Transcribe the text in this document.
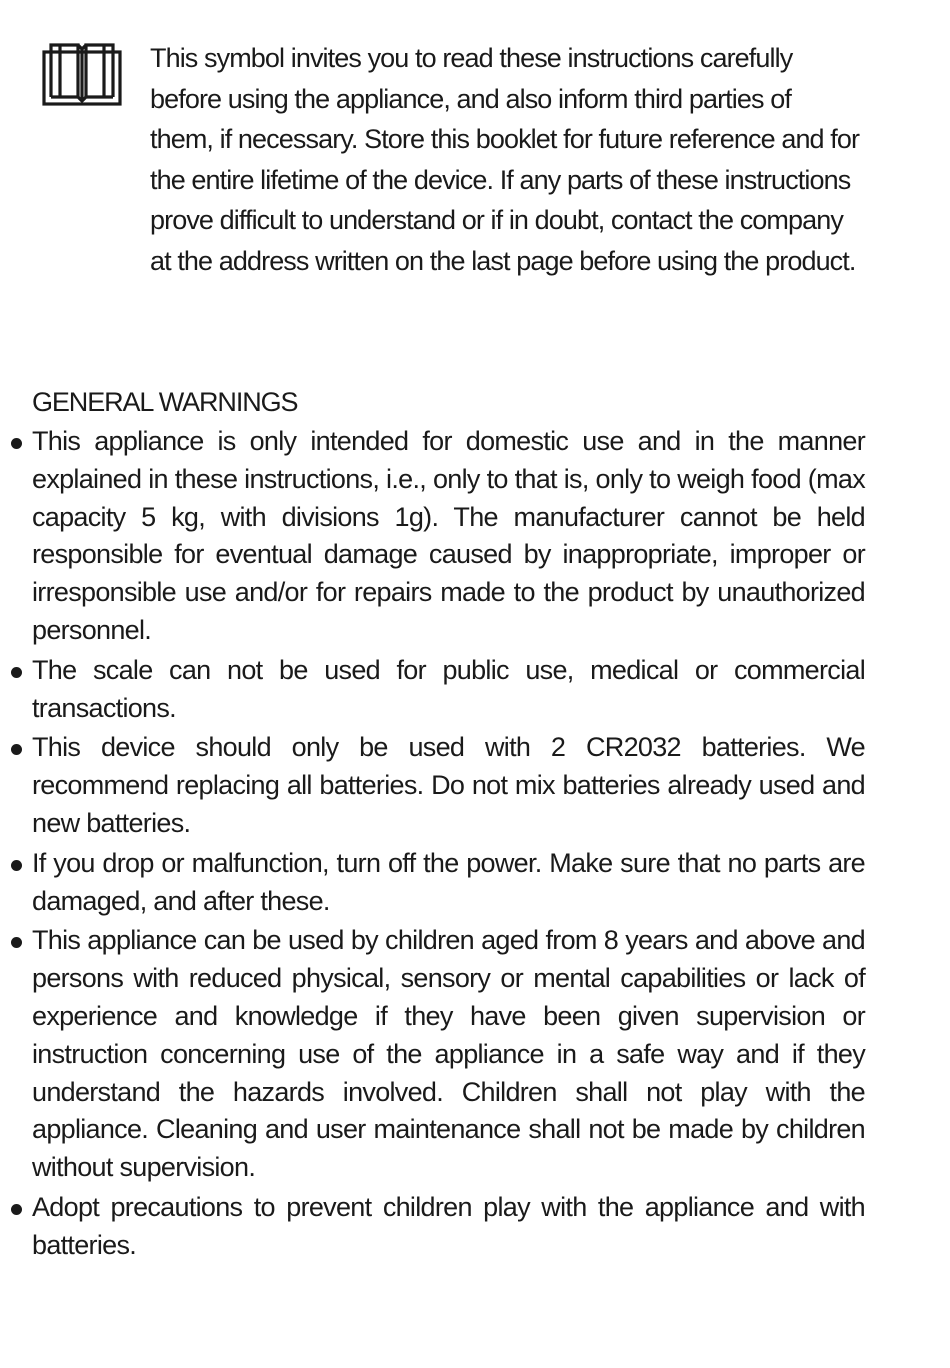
This symbol invites you to read these instructions carefully before using the appliance, and also inform third parties of them, if necessary. Store this booklet for future reference and for the entire lifetime of the device. If any parts of these instructions prove difficult to understand or if in doubt, contact the company at the address written on the last page before using the product.

GENERAL WARNINGS
This appliance is only intended for domestic use and in the manner explained in these instructions, i.e., only to that is, only to weigh food (max capacity 5 kg, with divisions 1g). The manufacturer cannot be held responsible for eventual damage caused by inappropriate, improper or irresponsible use and/or for repairs made to the product by unauthorized personnel.
The scale can not be used for public use, medical or commercial transactions.
This device should only be used with 2 CR2032 batteries. We recommend replacing all batteries. Do not mix batteries already used and new batteries.
If you drop or malfunction, turn off the power. Make sure that no parts are damaged, and after these.
This appliance can be used by children aged from 8 years and above and persons with reduced physical, sensory or mental capabilities or lack of experience and knowledge if they have been given supervision or instruction concerning use of the appliance in a safe way and if they understand the hazards involved. Children shall not play with the appliance. Cleaning and user maintenance shall not be made by children without supervision.
Adopt precautions to prevent children play with the appliance and with batteries.
